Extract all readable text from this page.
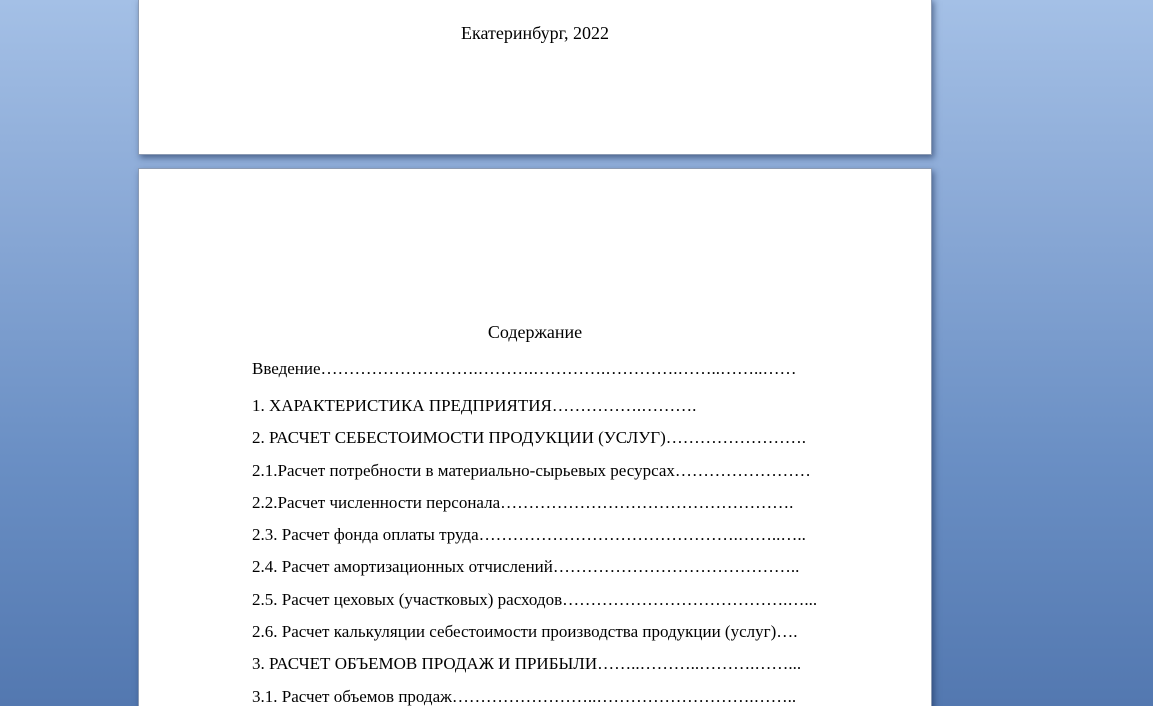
Екатеринбург, 2022
Содержание
Введение……………………….……….………….………….……..……..……
1. ХАРАКТЕРИСТИКА ПРЕДПРИЯТИЯ…………….……….
2. РАСЧЕТ СЕБЕСТОИМОСТИ ПРОДУКЦИИ (УСЛУГ)…………………….
2.1.Расчет потребности в материально-сырьевых ресурсах……………………
2.2.Расчет численности персонала…………………………………………….
2.3. Расчет фонда оплаты труда……………………………………….……..…..
2.4. Расчет амортизационных отчислений……………………………………..
2.5. Расчет цеховых (участковых) расходов………………………………….…...
2.6. Расчет калькуляции себестоимости производства продукции (услуг)….
3. РАСЧЕТ ОБЪЕМОВ ПРОДАЖ И ПРИБЫЛИ……..………..……….……...
3.1. Расчет объемов продаж……………………..……………………….……..
